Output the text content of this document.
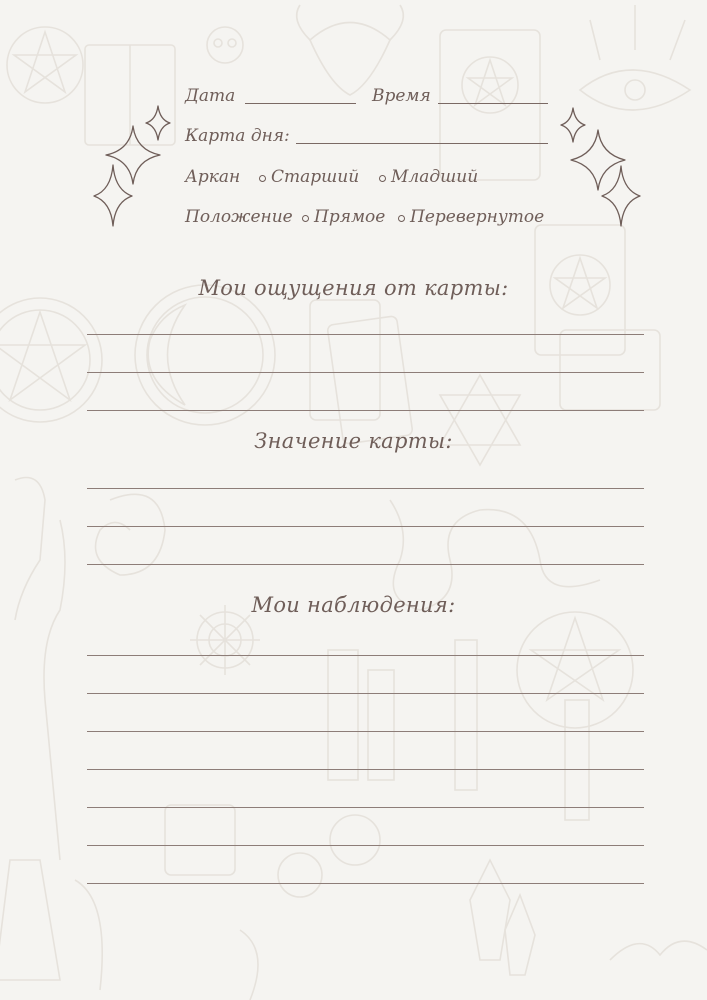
Дата	Время
Карта дня:
Аркан Старший Младший
Положение Прямое Перевернутое
Мои ощущения от карты:
Значение карты:
Мои наблюдения:
